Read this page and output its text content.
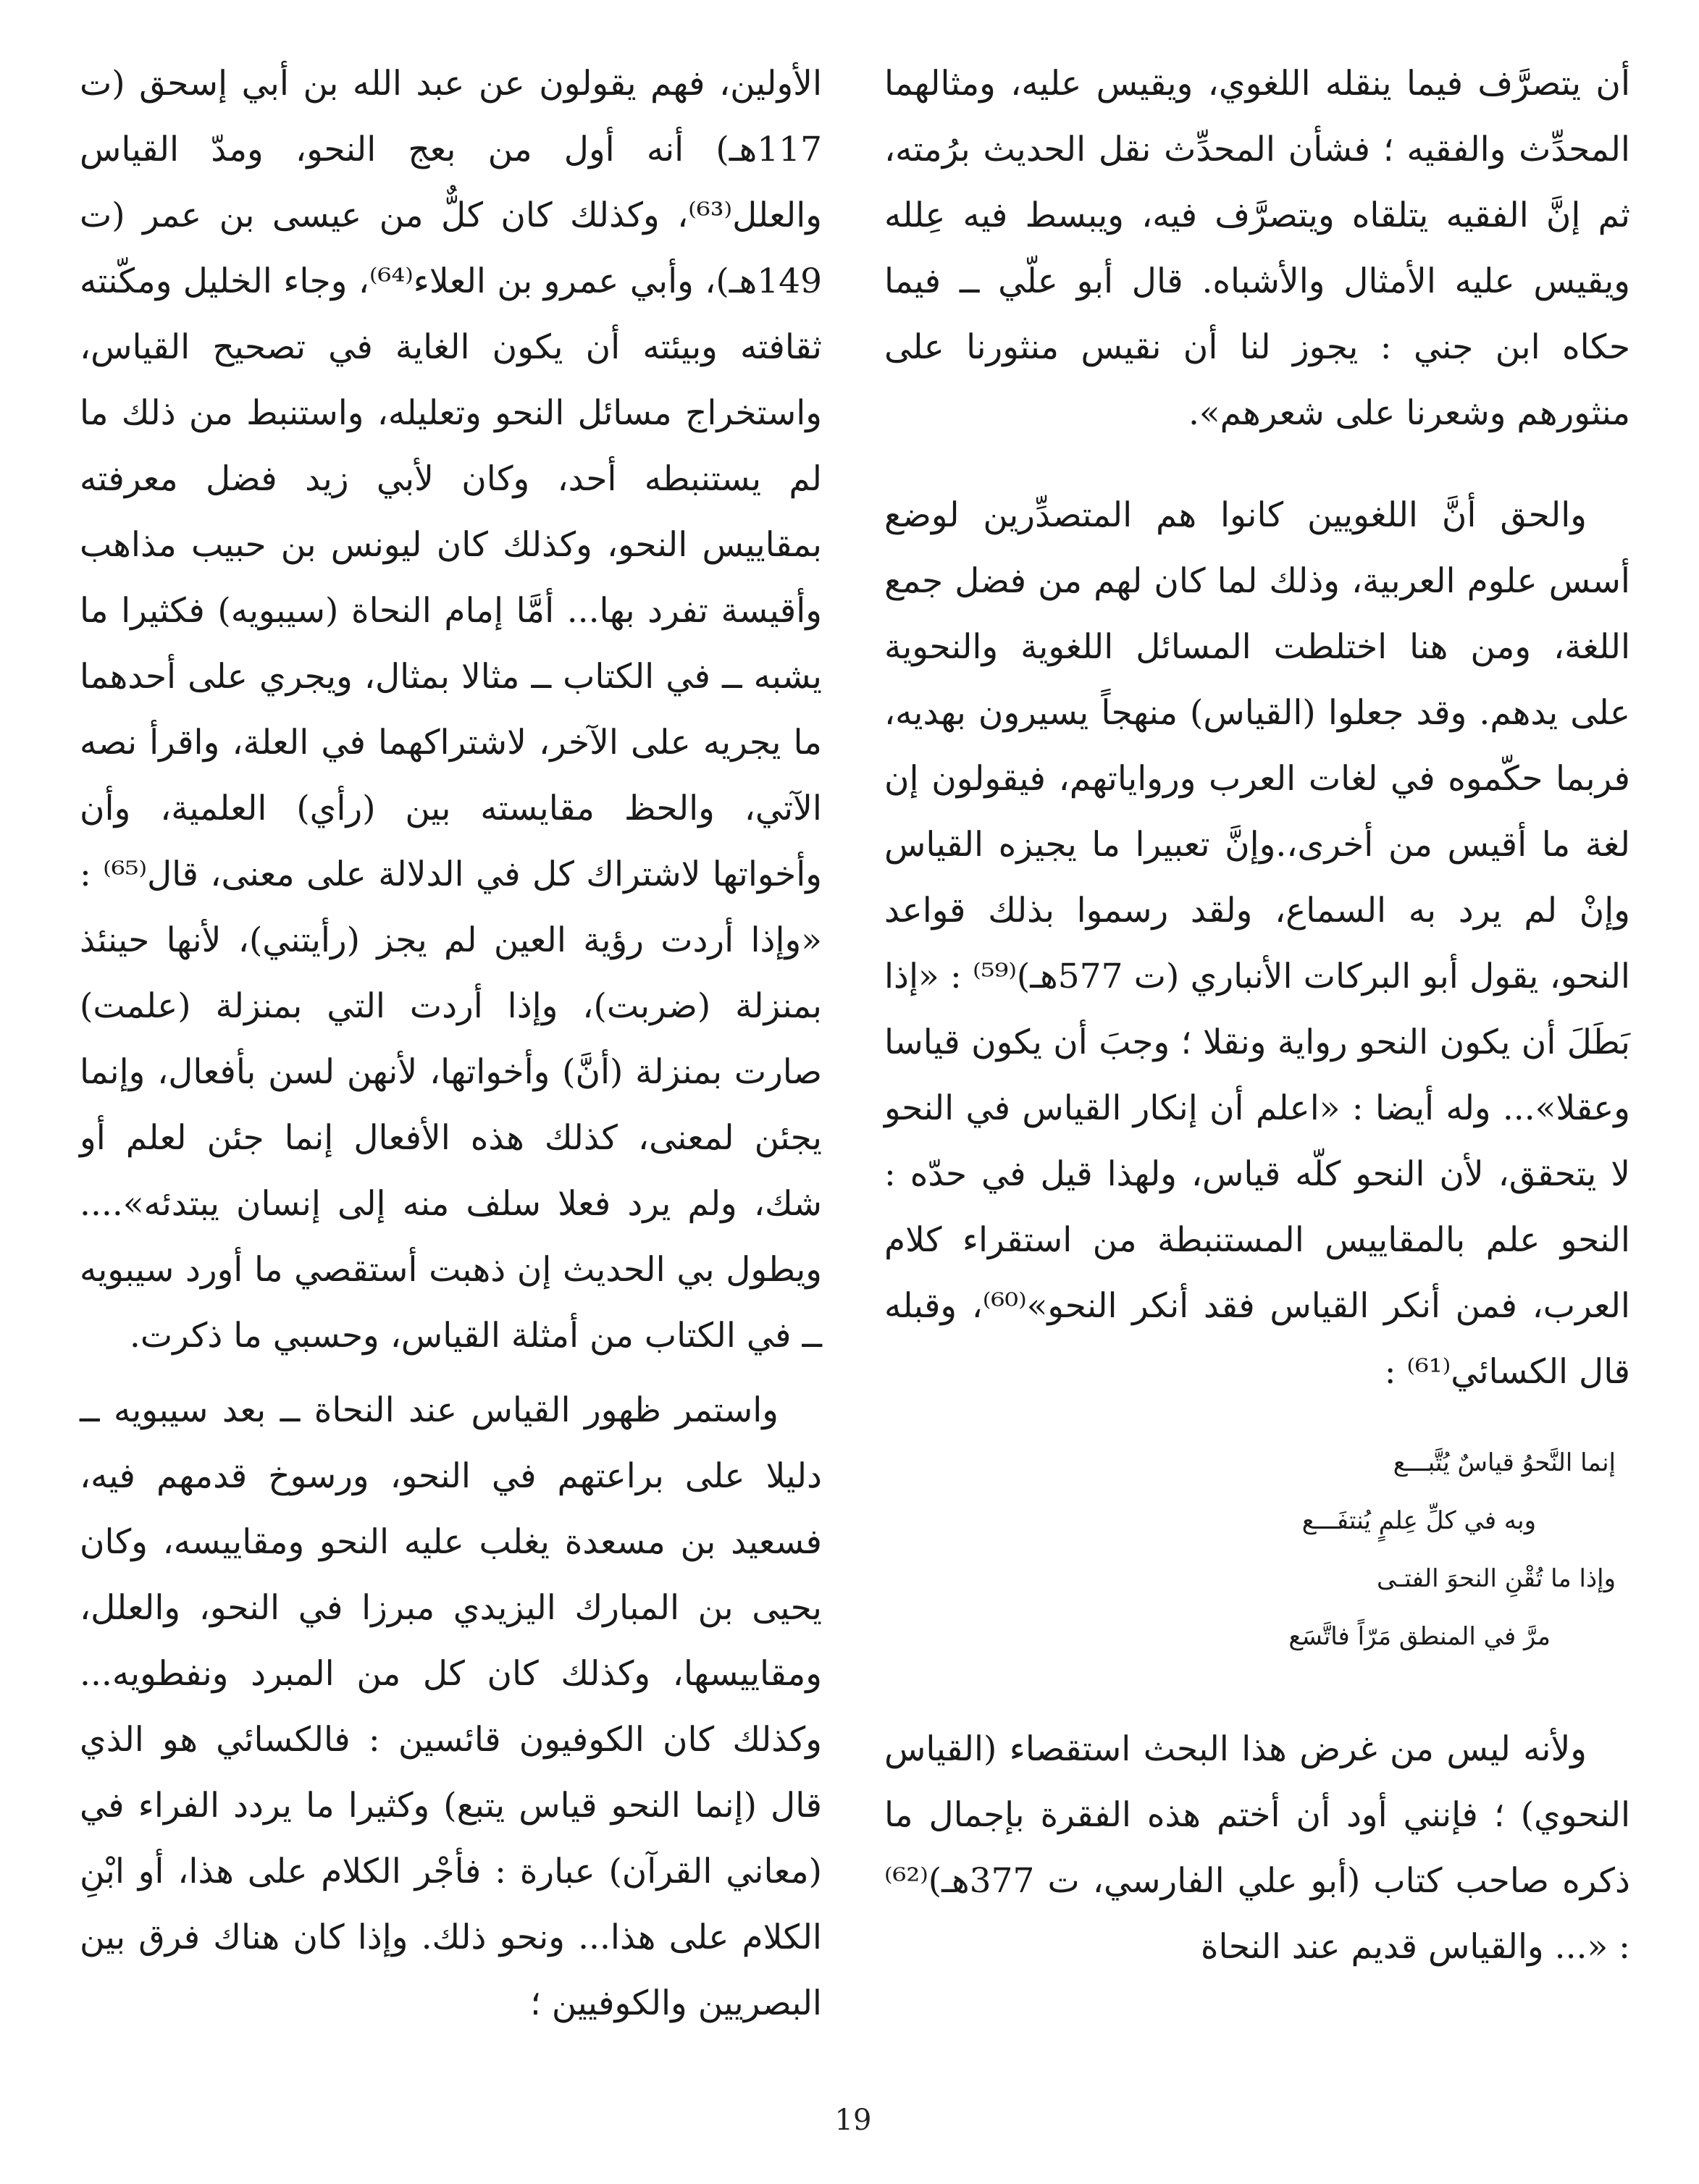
أن يتصرَّف فيما ينقله اللغوي، ويقيس عليه، ومثالهما المحدِّث والفقيه ؛ فشأن المحدِّث نقل الحديث برُمته، ثم إنَّ الفقيه يتلقاه ويتصرَّف فيه، ويبسط فيه عِلله ويقيس عليه الأمثال والأشباه. قال أبو علّي ــ فيما حكاه ابن جني : يجوز لنا أن نقيس منثورنا على منثورهم وشعرنا على شعرهم».

والحق أنَّ اللغويين كانوا هم المتصدِّرين لوضع أسس علوم العربية، وذلك لما كان لهم من فضل جمع اللغة، ومن هنا اختلطت المسائل اللغوية والنحوية على يدهم. وقد جعلوا (القياس) منهجاً يسيرون بهديه، فربما حكّموه في لغات العرب ورواياتهم، فيقولون إن لغة ما أقيس من أخرى،.وإنَّ تعبيرا ما يجيزه القياس وإنْ لم يرد به السماع، ولقد رسموا بذلك قواعد النحو، يقول أبو البركات الأنباري (ت 577هـ)⁽⁵⁹⁾ : «إذا بَطَلَ أن يكون النحو رواية ونقلا ؛ وجبَ أن يكون قياسا وعقلا»... وله أيضا : «اعلم أن إنكار القياس في النحو لا يتحقق، لأن النحو كلّه قياس، ولهذا قيل في حدّه : النحو علم بالمقاييس المستنبطة من استقراء كلام العرب، فمن أنكر القياس فقد أنكر النحو»⁽⁶⁰⁾، وقبله قال الكسائي⁽⁶¹⁾ :

إنما النَّحوُ قياسٌ يُتَّبـــع
وبه في كلِّ عِلمٍ يُنتفَـــع
وإذا ما تُقْنِ النحوَ الفتـى
مرَّ في المنطق مَرّاً فاتَّسَع

ولأنه ليس من غرض هذا البحث استقصاء (القياس النحوي) ؛ فإنني أود أن أختم هذه الفقرة بإجمال ما ذكره صاحب كتاب (أبو علي الفارسي، ت 377هـ)⁽⁶²⁾ : «... والقياس قديم عند النحاة

الأولين، فهم يقولون عن عبد الله بن أبي إسحق (ت 117هـ) أنه أول من بعج النحو، ومدّ القياس والعلل⁽⁶³⁾، وكذلك كان كلٌّ من عيسى بن عمر (ت 149هـ)، وأبي عمرو بن العلاء⁽⁶⁴⁾، وجاء الخليل ومكّنته ثقافته وبيئته أن يكون الغاية في تصحيح القياس، واستخراج مسائل النحو وتعليله، واستنبط من ذلك ما لم يستنبطه أحد، وكان لأبي زيد فضل معرفته بمقاييس النحو، وكذلك كان ليونس بن حبيب مذاهب وأقيسة تفرد بها... أمَّا إمام النحاة (سيبويه) فكثيرا ما يشبه ــ في الكتاب ــ مثالا بمثال، ويجري على أحدهما ما يجريه على الآخر، لاشتراكهما في العلة، واقرأ نصه الآتي، والحظ مقايسته بين (رأي) العلمية، وأن وأخواتها لاشتراك كل في الدلالة على معنى، قال⁽⁶⁵⁾ : «وإذا أردت رؤية العين لم يجز (رأيتني)، لأنها حينئذ بمنزلة (ضربت)، وإذا أردت التي بمنزلة (علمت) صارت بمنزلة (أنَّ) وأخواتها، لأنهن لسن بأفعال، وإنما يجئن لمعنى، كذلك هذه الأفعال إنما جئن لعلم أو شك، ولم يرد فعلا سلف منه إلى إنسان يبتدئه».... ويطول بي الحديث إن ذهبت أستقصي ما أورد سيبويه ــ في الكتاب من أمثلة القياس، وحسبي ما ذكرت.

واستمر ظهور القياس عند النحاة ــ بعد سيبويه ــ دليلا على براعتهم في النحو، ورسوخ قدمهم فيه، فسعيد بن مسعدة يغلب عليه النحو ومقاييسه، وكان يحيى بن المبارك اليزيدي مبرزا في النحو، والعلل، ومقاييسها، وكذلك كان كل من المبرد ونفطويه... وكذلك كان الكوفيون قائسين : فالكسائي هو الذي قال (إنما النحو قياس يتبع) وكثيرا ما يردد الفراء في (معاني القرآن) عبارة : فأجْر الكلام على هذا، أو ابْنِ الكلام على هذا... ونحو ذلك. وإذا كان هناك فرق بين البصريين والكوفيين ؛

19
